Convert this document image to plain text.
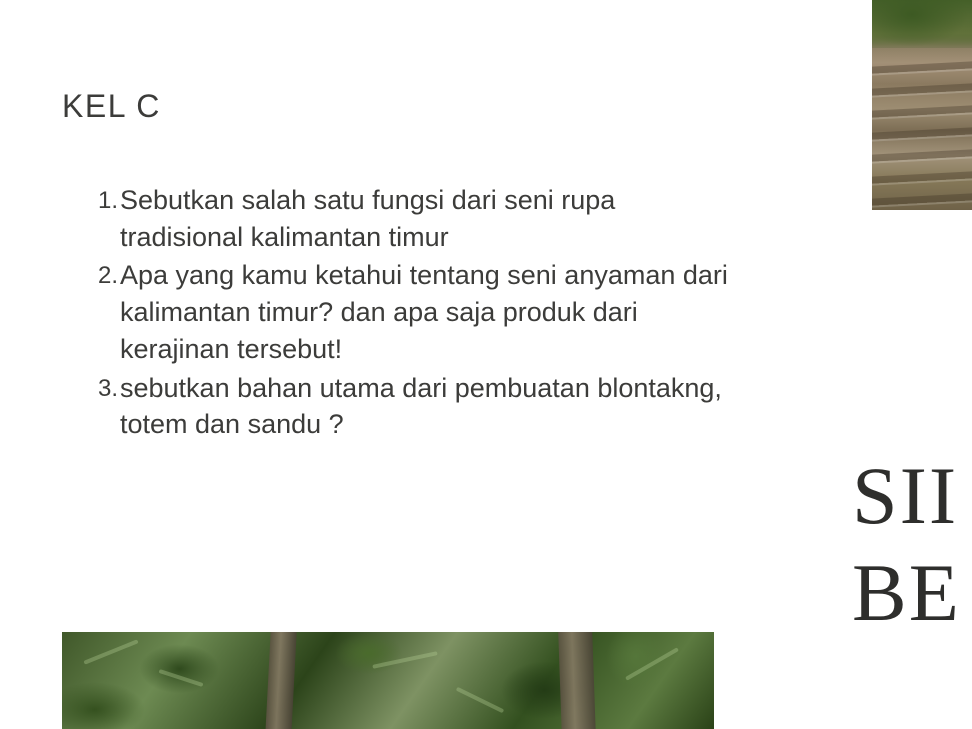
KEL C
1. Sebutkan salah satu fungsi dari seni rupa tradisional kalimantan timur
2. Apa yang kamu ketahui tentang seni anyaman dari kalimantan timur? dan apa saja produk dari kerajinan tersebut!
3. sebutkan bahan utama dari pembuatan blontakng, totem dan sandu ?
SII
BE
